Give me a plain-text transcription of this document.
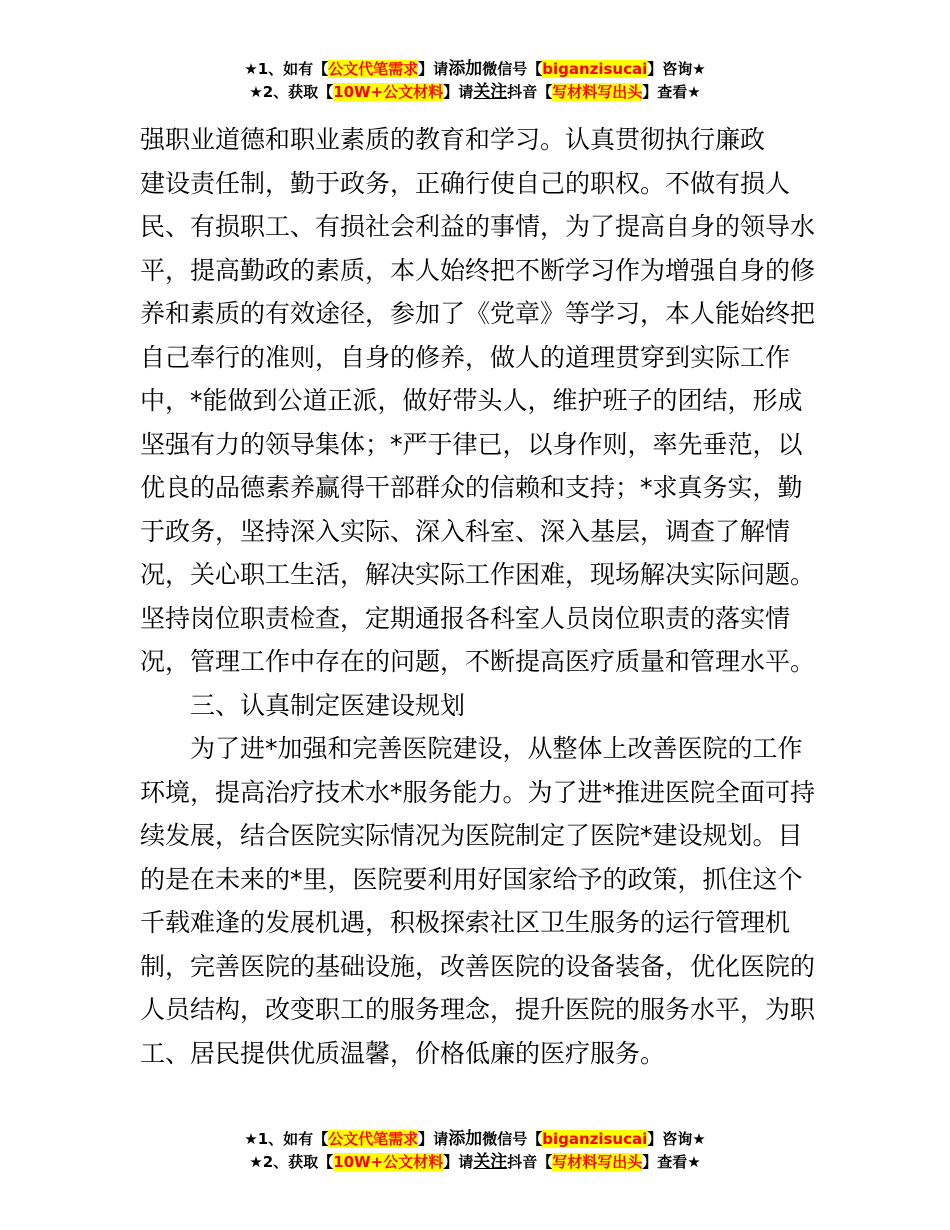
★1、如有【公文代笔需求】请添加微信号【biganzisucai】咨询★
★2、获取【10W+公文材料】请关注抖音【写材料写出头】查看★
强职业道德和职业素质的教育和学习。认真贯彻执行廉政
建设责任制，勤于政务，正确行使自己的职权。不做有损人
民、有损职工、有损社会利益的事情，为了提高自身的领导水
平，提高勤政的素质，本人始终把不断学习作为增强自身的修
养和素质的有效途径，参加了《党章》等学习，本人能始终把
自己奉行的准则，自身的修养，做人的道理贯穿到实际工作
中，*能做到公道正派，做好带头人，维护班子的团结，形成
坚强有力的领导集体；*严于律已，以身作则，率先垂范，以
优良的品德素养赢得干部群众的信赖和支持；*求真务实，勤
于政务，坚持深入实际、深入科室、深入基层，调查了解情
况，关心职工生活，解决实际工作困难，现场解决实际问题。
坚持岗位职责检查，定期通报各科室人员岗位职责的落实情
况，管理工作中存在的问题，不断提高医疗质量和管理水平。
三、认真制定医建设规划
为了进*加强和完善医院建设，从整体上改善医院的工作
环境，提高治疗技术水*服务能力。为了进*推进医院全面可持
续发展，结合医院实际情况为医院制定了医院*建设规划。目
的是在未来的*里，医院要利用好国家给予的政策，抓住这个
千载难逢的发展机遇，积极探索社区卫生服务的运行管理机
制，完善医院的基础设施，改善医院的设备装备，优化医院的
人员结构，改变职工的服务理念，提升医院的服务水平，为职
工、居民提供优质温馨，价格低廉的医疗服务。
★1、如有【公文代笔需求】请添加微信号【biganzisucai】咨询★
★2、获取【10W+公文材料】请关注抖音【写材料写出头】查看★
